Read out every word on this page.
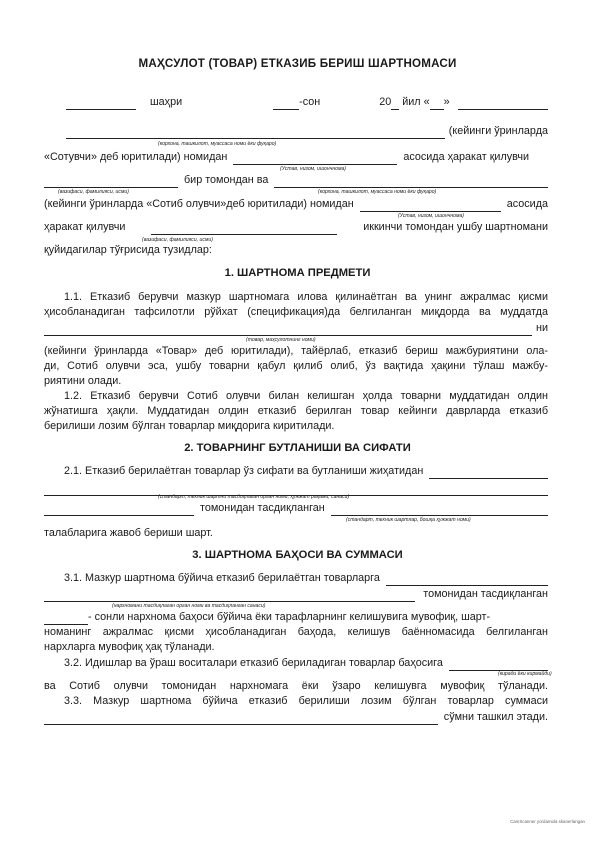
МАҲСУЛОТ (ТОВАР) ЕТКАЗИБ БЕРИШ ШАРТНОМАСИ
шаҳри	-сон	20 йил « »
(кейинги ўринларда
(корхона, ташкилот, муассаса номи ёки фуқаро)
«Сотувчи» деб юритилади) номидан	асосида ҳаракат қилувчи
(Устав, низом, ишончнома)
бир томондан ва
(вазифаси, фамилияси, исми)	(корхона, ташкилот, муассаса номи ёки фуқаро)
(кейинги ўринларда «Сотиб олувчи»деб юритилади) номидан	асосида
(Устав, низом, ишончнома)
ҳаракат қилувчи	иккинчи томондан ушбу шартномани
(вазифаси, фамилияси, исми)
қуйидагилар тўғрисида тузидлар:
1. ШАРТНОМА ПРЕДМЕТИ
1.1. Етказиб берувчи мазкур шартномага илова қилинаётган ва унинг ажралмас қисми
ҳисобланадиган тафсилотли рўйхат (спецификация)да белгиланган миқдорда ва муддатда
ни
(товар, маҳсулотнинг номи)
(кейинги ўринларда «Товар» деб юритилади), тайёрлаб, етказиб бериш мажбуриятини ола-
ди, Сотиб олувчи эса, ушбу товарни қабул қилиб олиб, ўз вақтида ҳақини тўлаш мажбу-
риятини олади.
1.2. Етказиб берувчи Сотиб олувчи билан келишган ҳолда товарни муддатидан олдин
жўнатишга ҳақли. Муддатидан олдин етказиб берилган товар кейинги даврларда етказиб
берилиши лозим бўлган товарлар миқдорига киритилади.
2. ТОВАРНИНГ БУТЛАНИШИ ВА СИФАТИ
2.1. Етказиб берилаётган товарлар ўз сифати ва бутланиши жиҳатидан
(стандарт, техник шартни тасдиқлаган орган номи, ҳужжат рақами, санаси)
томонидан тасдиқланган
(стандарт, техник шартлар, бошқа ҳужжат номи)
талабларига жавоб бериши шарт.
3. ШАРТНОМА БАҲОСИ ВА СУММАСИ
3.1. Мазкур шартнома бўйича етказиб берилаётган товарларга
томонидан тасдиқланган
(нархномани тасдиқлаган орган номи ва тасдиқланган санаси)
- сонли нархнома баҳоси бўйича ёки тарафларнинг келишувига мувофиқ, шарт-
номанинг ажралмас қисми ҳисобланадиган баҳода, келишув баённомасида белгиланган
нархларга мувофиқ ҳақ тўланади.
3.2. Идишлар ва ўраш воситалари етказиб бериладиган товарлар баҳосига
(киради ёки кирмайди)
ва Сотиб олувчи томонидан нархномага ёки ўзаро келишувга мувофиқ тўланади.
3.3. Мазкур шартнома бўйича етказиб берилиши лозим бўлган товарлар суммаси
сўмни ташкил этади.
CamScanner yordamida skanerlangan
